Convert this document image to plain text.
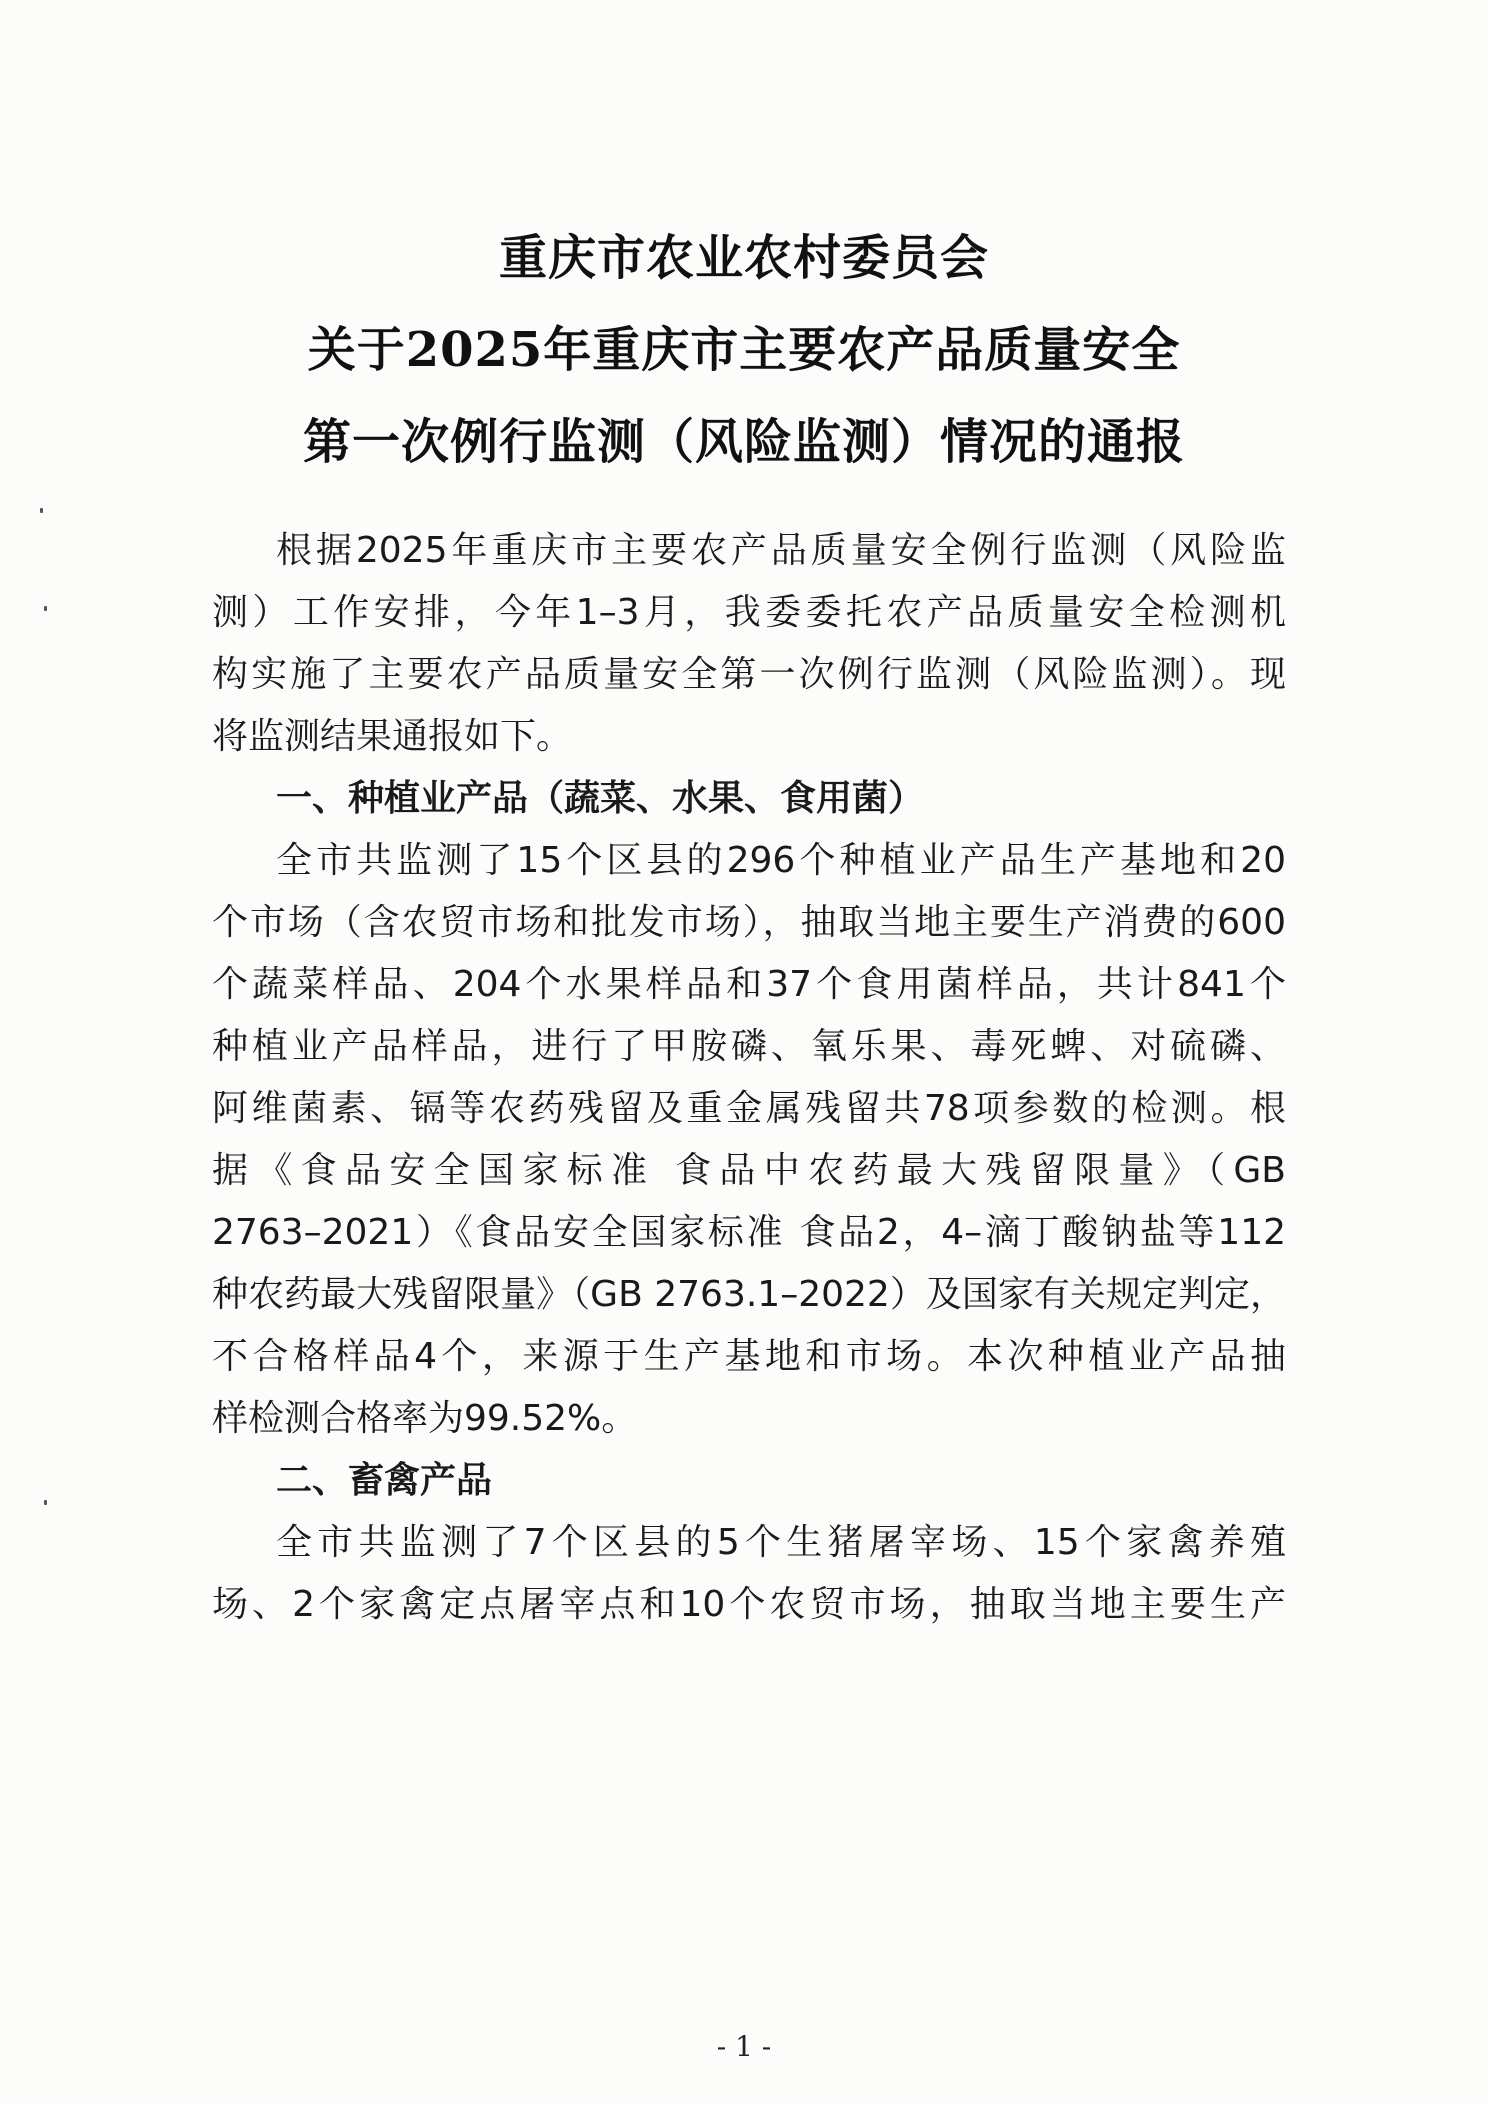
重庆市农业农村委员会
关于2025年重庆市主要农产品质量安全
第一次例行监测（风险监测）情况的通报
根据2025年重庆市主要农产品质量安全例行监测（风险监
测）工作安排，今年1–3月，我委委托农产品质量安全检测机
构实施了主要农产品质量安全第一次例行监测（风险监测）。现
将监测结果通报如下。
一、种植业产品（蔬菜、水果、食用菌）
全市共监测了15个区县的296个种植业产品生产基地和20
个市场（含农贸市场和批发市场），抽取当地主要生产消费的600
个蔬菜样品、204个水果样品和37个食用菌样品，共计841个
种植业产品样品，进行了甲胺磷、氧乐果、毒死蜱、对硫磷、
阿维菌素、镉等农药残留及重金属残留共78项参数的检测。根
据《食品安全国家标准 食品中农药最大残留限量》（GB
2763–2021）《食品安全国家标准 食品2，4–滴丁酸钠盐等112
种农药最大残留限量》（GB 2763.1–2022）及国家有关规定判定，
不合格样品4个，来源于生产基地和市场。本次种植业产品抽
样检测合格率为99.52%。
二、畜禽产品
全市共监测了7个区县的5个生猪屠宰场、15个家禽养殖
场、2个家禽定点屠宰点和10个农贸市场，抽取当地主要生产
- 1 -
